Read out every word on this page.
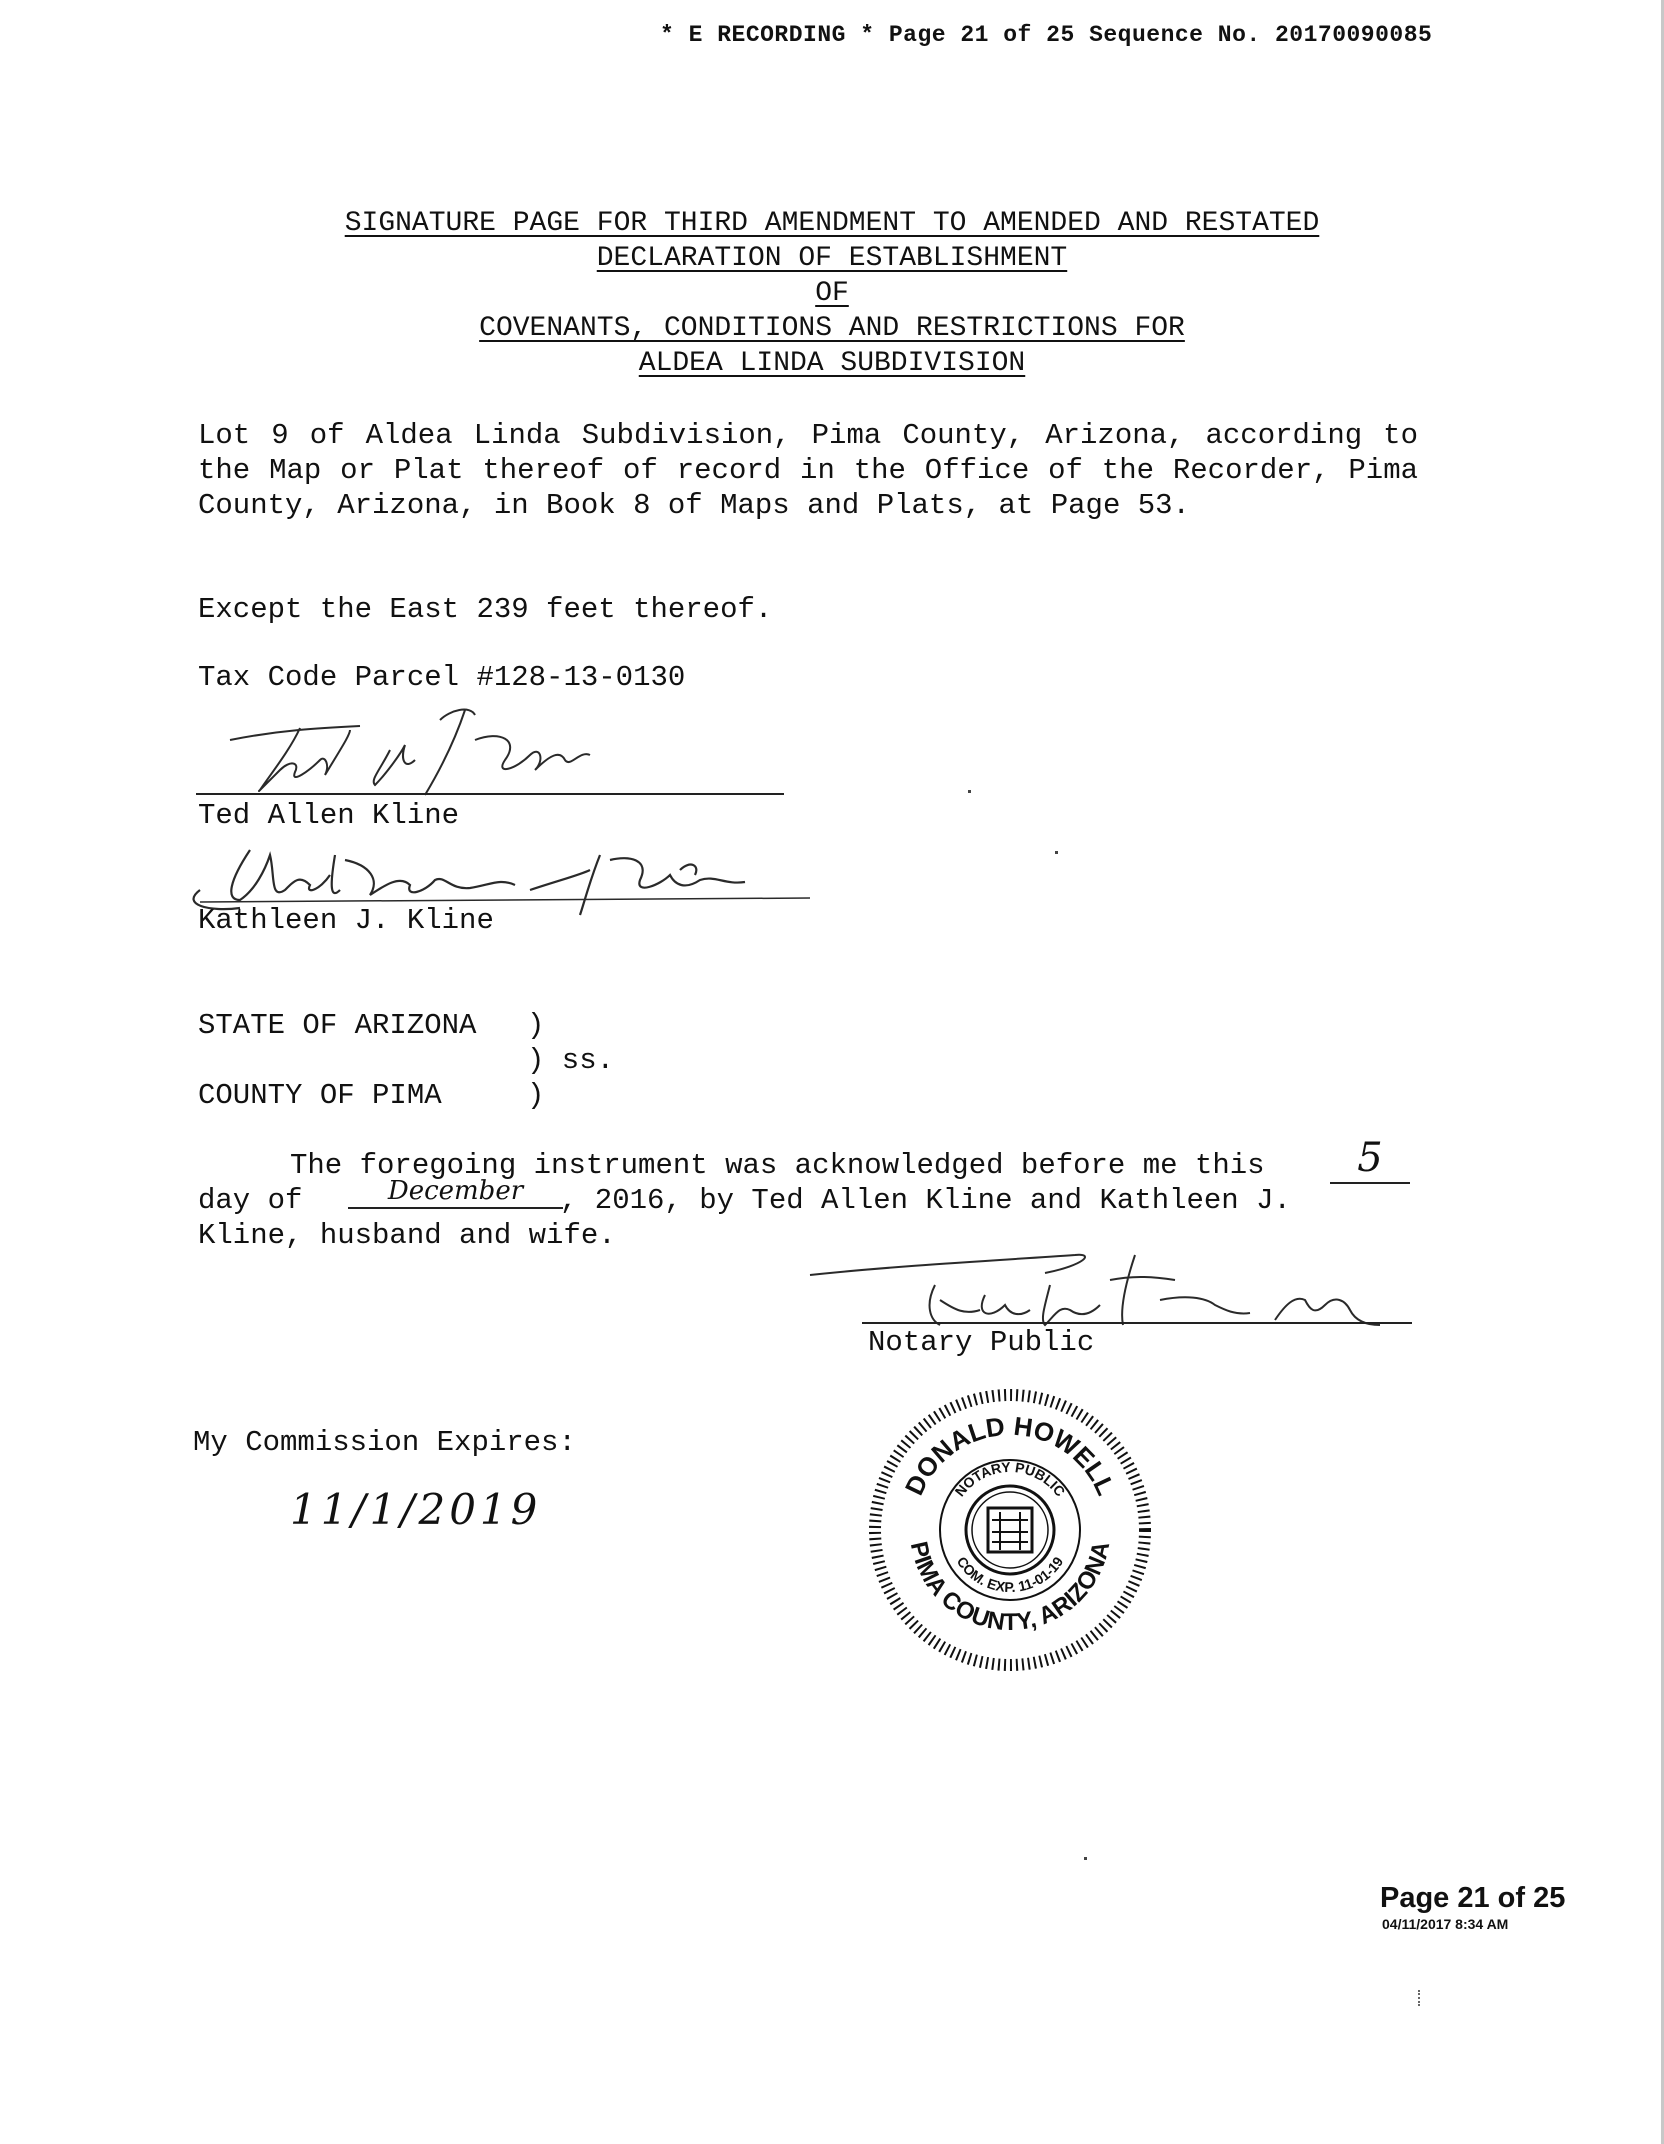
* E RECORDING * Page 21 of 25 Sequence No. 20170090085
SIGNATURE PAGE FOR THIRD AMENDMENT TO AMENDED AND RESTATED
DECLARATION OF ESTABLISHMENT
OF
COVENANTS, CONDITIONS AND RESTRICTIONS FOR
ALDEA LINDA SUBDIVISION
Lot 9 of Aldea Linda Subdivision, Pima County, Arizona, according to the Map or Plat thereof of record in the Office of the Recorder, Pima County, Arizona, in Book 8 of Maps and Plats, at Page 53.
Except the East 239 feet thereof.
Tax Code Parcel #128-13-0130
Ted Allen Kline
Kathleen J. Kline
STATE OF ARIZONA )
) ss.
COUNTY OF PIMA	)
The foregoing instrument was acknowledged before me this	5
day of	December	, 2016, by Ted Allen Kline and Kathleen J.
Kline, husband and wife.
Notary Public
My Commission Expires:
11/1/2019
DONALD HOWELL
PIMA COUNTY, ARIZONA
NOTARY PUBLIC
COM. EXP. 11-01-19
Page 21 of 25
04/11/2017 8:34 AM
